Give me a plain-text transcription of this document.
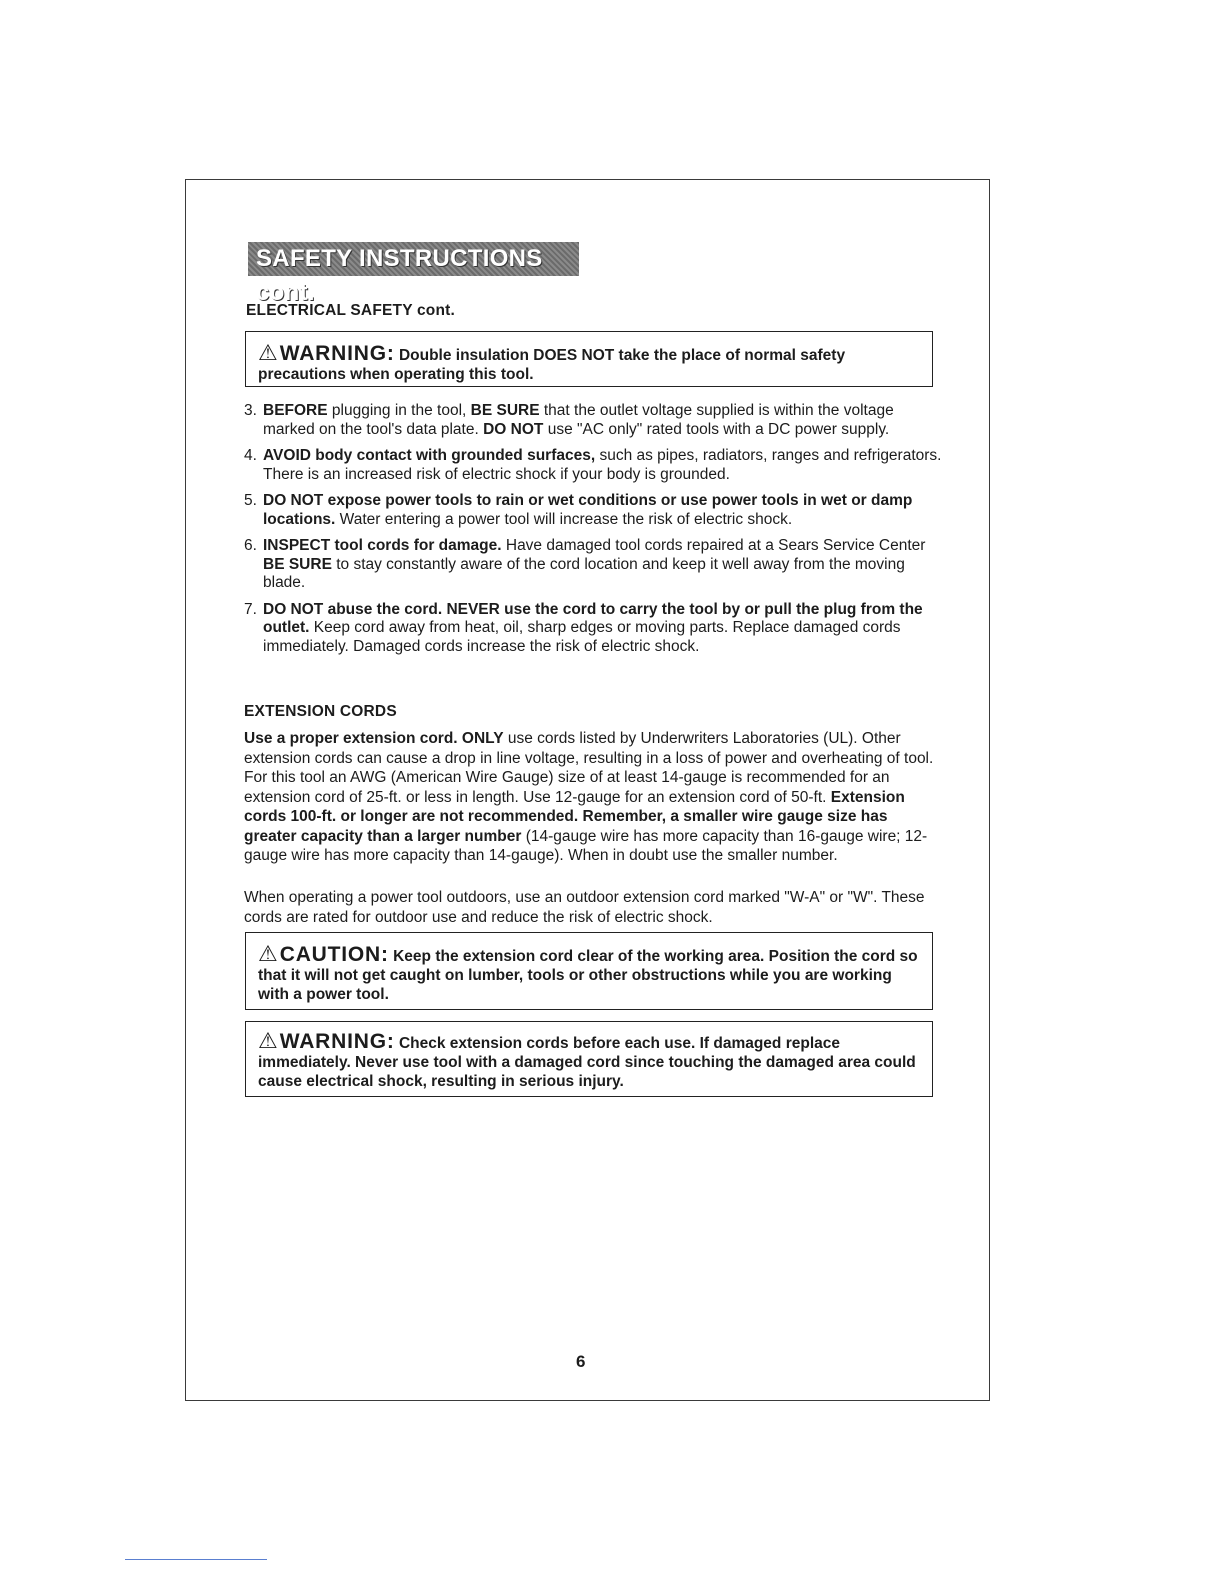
SAFETY INSTRUCTIONS cont.
ELECTRICAL SAFETY cont.
⚠WARNING: Double insulation DOES NOT take the place of normal safety precautions when operating this tool.
3. BEFORE plugging in the tool, BE SURE that the outlet voltage supplied is within the voltage marked on the tool's data plate. DO NOT use "AC only" rated tools with a DC power supply.
4. AVOID body contact with grounded surfaces, such as pipes, radiators, ranges and refrigerators. There is an increased risk of electric shock if your body is grounded.
5. DO NOT expose power tools to rain or wet conditions or use power tools in wet or damp locations. Water entering a power tool will increase the risk of electric shock.
6. INSPECT tool cords for damage. Have damaged tool cords repaired at a Sears Service Center BE SURE to stay constantly aware of the cord location and keep it well away from the moving blade.
7. DO NOT abuse the cord. NEVER use the cord to carry the tool by or pull the plug from the outlet. Keep cord away from heat, oil, sharp edges or moving parts. Replace damaged cords immediately. Damaged cords increase the risk of electric shock.
EXTENSION CORDS

Use a proper extension cord. ONLY use cords listed by Underwriters Laboratories (UL). Other extension cords can cause a drop in line voltage, resulting in a loss of power and overheating of tool. For this tool an AWG (American Wire Gauge) size of at least 14-gauge is recommended for an extension cord of 25-ft. or less in length. Use 12-gauge for an extension cord of 50-ft. Extension cords 100-ft. or longer are not recommended. Remember, a smaller wire gauge size has greater capacity than a larger number (14-gauge wire has more capacity than 16-gauge wire; 12-gauge wire has more capacity than 14-gauge). When in doubt use the smaller number.

When operating a power tool outdoors, use an outdoor extension cord marked "W-A" or "W". These cords are rated for outdoor use and reduce the risk of electric shock.

⚠CAUTION: Keep the extension cord clear of the working area. Position the cord so that it will not get caught on lumber, tools or other obstructions while you are working with a power tool.
⚠WARNING: Check extension cords before each use. If damaged replace immediately. Never use tool with a damaged cord since touching the damaged area could cause electrical shock, resulting in serious injury.
6
